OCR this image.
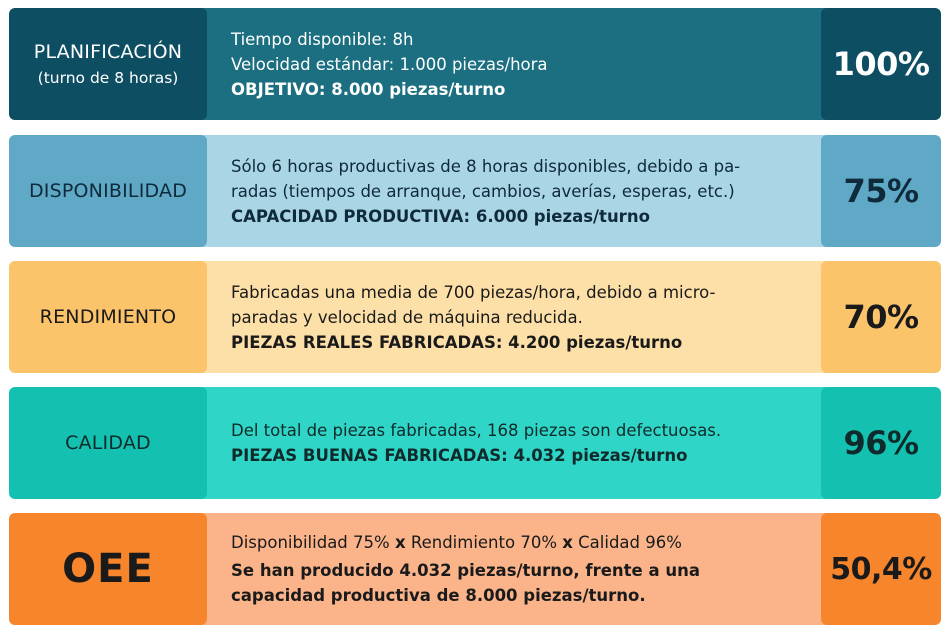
PLANIFICACIÓN
(turno de 8 horas)
Tiempo disponible: 8h
Velocidad estándar: 1.000 piezas/hora
OBJETIVO: 8.000 piezas/turno
100%
DISPONIBILIDAD
Sólo 6 horas productivas de 8 horas disponibles, debido a pa-
radas (tiempos de arranque, cambios, averías, esperas, etc.)
CAPACIDAD PRODUCTIVA: 6.000 piezas/turno
75%
RENDIMIENTO
Fabricadas una media de 700 piezas/hora, debido a micro-
paradas y velocidad de máquina reducida.
PIEZAS REALES FABRICADAS: 4.200 piezas/turno
70%
CALIDAD
Del total de piezas fabricadas, 168 piezas son defectuosas.
PIEZAS BUENAS FABRICADAS: 4.032 piezas/turno	96%
OEE
Disponibilidad 75% x Rendimiento 70% x Calidad 96%
Se han producido 4.032 piezas/turno, frente a una
capacidad productiva de 8.000 piezas/turno.
50,4%
